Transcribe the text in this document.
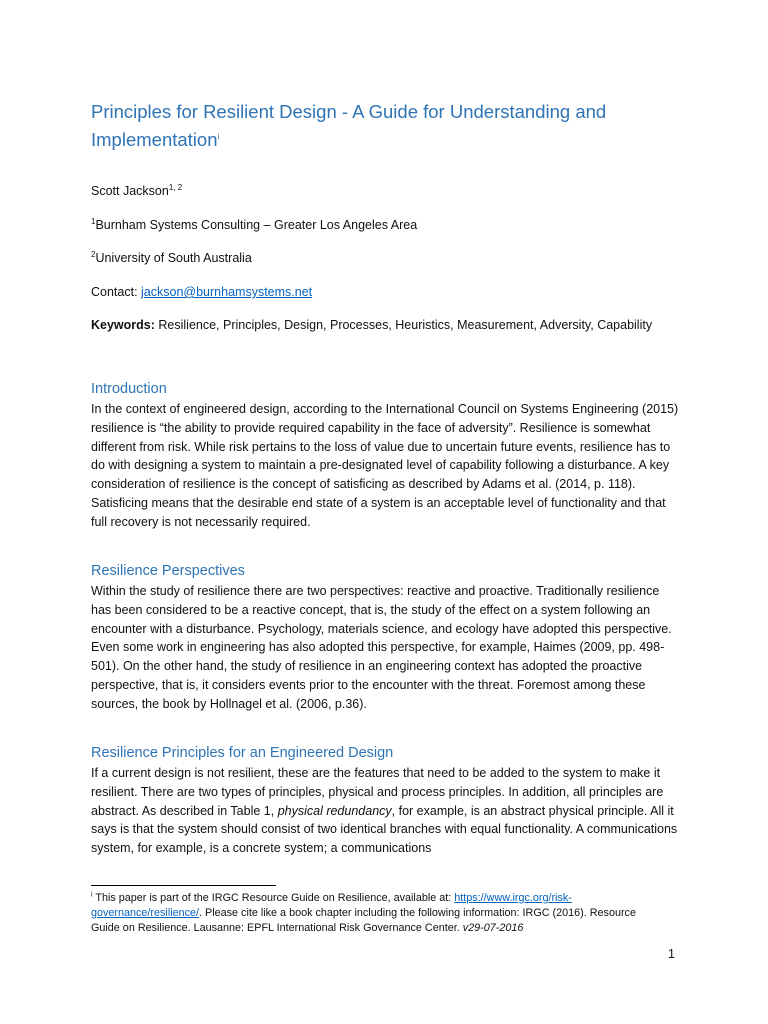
Principles for Resilient Design - A Guide for Understanding and Implementation$^i$

Scott Jackson$^{1, 2}$

$^1$Burnham Systems Consulting – Greater Los Angeles Area

$^2$University of South Australia

Contact: jackson@burnhamsystems.net

Keywords: Resilience, Principles, Design, Processes, Heuristics, Measurement, Adversity, Capability

Introduction

In the context of engineered design, according to the International Council on Systems Engineering (2015) resilience is “the ability to provide required capability in the face of adversity”. Resilience is somewhat different from risk. While risk pertains to the loss of value due to uncertain future events, resilience has to do with designing a system to maintain a pre-designated level of capability following a disturbance. A key consideration of resilience is the concept of satisficing as described by Adams et al. (2014, p. 118). Satisficing means that the desirable end state of a system is an acceptable level of functionality and that full recovery is not necessarily required.

Resilience Perspectives

Within the study of resilience there are two perspectives: reactive and proactive. Traditionally resilience has been considered to be a reactive concept, that is, the study of the effect on a system following an encounter with a disturbance. Psychology, materials science, and ecology have adopted this perspective. Even some work in engineering has also adopted this perspective, for example, Haimes (2009, pp. 498-501). On the other hand, the study of resilience in an engineering context has adopted the proactive perspective, that is, it considers events prior to the encounter with the threat. Foremost among these sources, the book by Hollnagel et al. (2006, p.36).

Resilience Principles for an Engineered Design

If a current design is not resilient, these are the features that need to be added to the system to make it resilient. There are two types of principles, physical and process principles. In addition, all principles are abstract. As described in Table 1, physical redundancy, for example, is an abstract physical principle. All it says is that the system should consist of two identical branches with equal functionality. A communications system, for example, is a concrete system; a communications

$^i$ This paper is part of the IRGC Resource Guide on Resilience, available at: https://www.irgc.org/risk-governance/resilience/. Please cite like a book chapter including the following information: IRGC (2016). Resource Guide on Resilience. Lausanne: EPFL International Risk Governance Center. v29-07-2016

1
